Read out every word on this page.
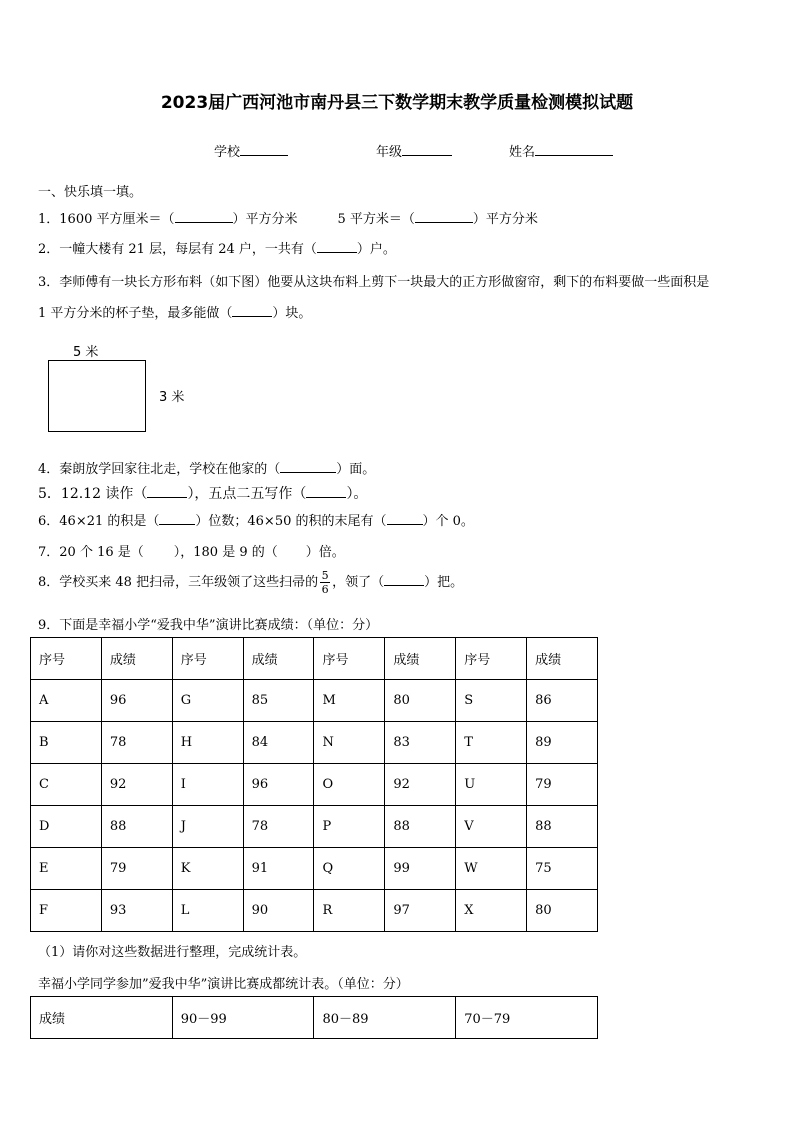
2023届广西河池市南丹县三下数学期末教学质量检测模拟试题
学校	年级	姓名
一、快乐填一填。
1．1600 平方厘米＝（	）平方分米	5 平方米＝（	）平方分米
2．一幢大楼有 21 层，每层有 24 户，一共有（	）户。
3．李师傅有一块长方形布料（如下图）他要从这块布料上剪下一块最大的正方形做窗帘，剩下的布料要做一些面积是
1 平方分米的杯子垫，最多能做（	）块。
5 米
3 米
4．秦朗放学回家往北走，学校在他家的（	）面。
5．12.12 读作（	），五点二五写作（	）。
6．46×21 的积是（	）位数；46×50 的积的末尾有（	）个 0。
7．20 个 16 是（ ），180 是 9 的（ ）倍。
8．学校买来 48 把扫帚，三年级领了这些扫帚的 $\frac{5}{6}$ ，领了（	）把。
9．下面是幸福小学“爱我中华”演讲比赛成绩：（单位：分）
序号	成绩	序号	成绩	序号	成绩	序号	成绩
A	96	G	85	M	80	S	86
B	78	H	84	N	83	T	89
C	92	I	96	O	92	U	79
D	88	J	78	P	88	V	88
E	79	K	91	Q	99	W	75
F	93	L	90	R	97	X	80
（1）请你对这些数据进行整理，完成统计表。
幸福小学同学参加”爱我中华”演讲比赛成都统计表。（单位：分）
成绩	90－99	80－89	70－79
